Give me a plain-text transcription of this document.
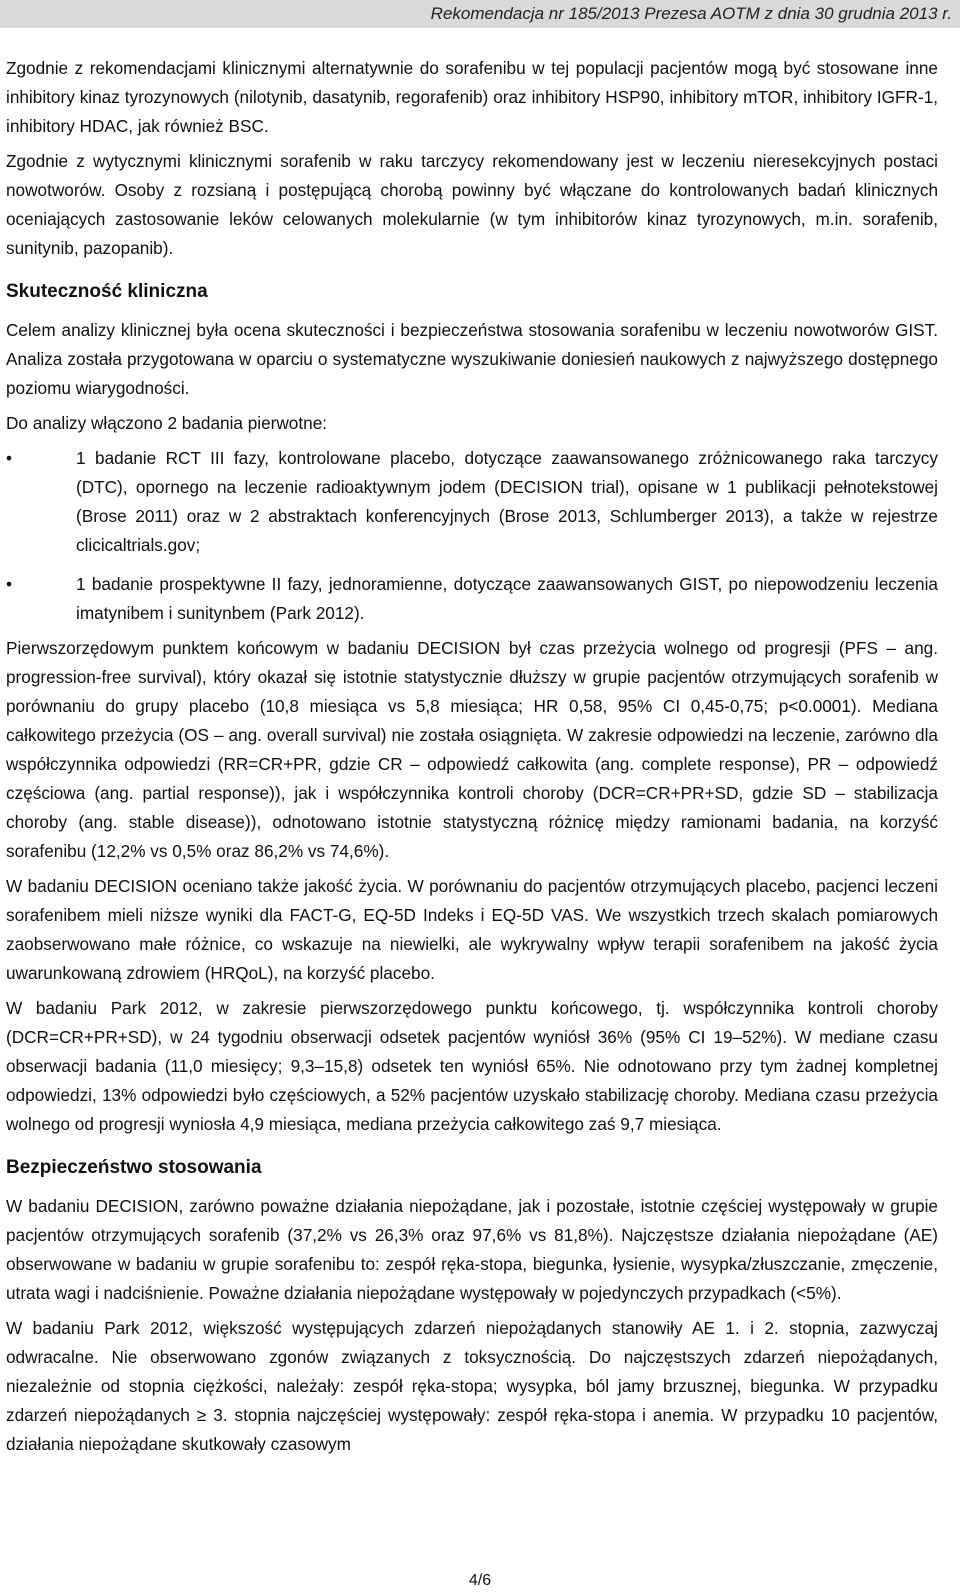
Rekomendacja nr 185/2013 Prezesa AOTM z dnia 30 grudnia 2013 r.

Zgodnie z rekomendacjami klinicznymi alternatywnie do sorafenibu w tej populacji pacjentów mogą być stosowane inne inhibitory kinaz tyrozynowych (nilotynib, dasatynib, regorafenib) oraz inhibitory HSP90, inhibitory mTOR, inhibitory IGFR-1, inhibitory HDAC, jak również BSC.

Zgodnie z wytycznymi klinicznymi sorafenib w raku tarczycy rekomendowany jest w leczeniu nieresekcyjnych postaci nowotworów. Osoby z rozsianą i postępującą chorobą powinny być włączane do kontrolowanych badań klinicznych oceniających zastosowanie leków celowanych molekularnie (w tym inhibitorów kinaz tyrozynowych, m.in. sorafenib, sunitynib, pazopanib).

Skuteczność kliniczna

Celem analizy klinicznej była ocena skuteczności i bezpieczeństwa stosowania sorafenibu w leczeniu nowotworów GIST. Analiza została przygotowana w oparciu o systematyczne wyszukiwanie doniesień naukowych z najwyższego dostępnego poziomu wiarygodności.

Do analizy włączono 2 badania pierwotne:

•	1 badanie RCT III fazy, kontrolowane placebo, dotyczące zaawansowanego zróżnicowanego raka tarczycy (DTC), opornego na leczenie radioaktywnym jodem (DECISION trial), opisane w 1 publikacji pełnotekstowej (Brose 2011) oraz w 2 abstraktach konferencyjnych (Brose 2013, Schlumberger 2013), a także w rejestrze clicicaltrials.gov;

•	1 badanie prospektywne II fazy, jednoramienne, dotyczące zaawansowanych GIST, po niepowodzeniu leczenia imatynibem i sunitynbem (Park 2012).

Pierwszorzędowym punktem końcowym w badaniu DECISION był czas przeżycia wolnego od progresji (PFS – ang. progression-free survival), który okazał się istotnie statystycznie dłuższy w grupie pacjentów otrzymujących sorafenib w porównaniu do grupy placebo (10,8 miesiąca vs 5,8 miesiąca; HR 0,58, 95% CI 0,45-0,75; p<0.0001). Mediana całkowitego przeżycia (OS – ang. overall survival) nie została osiągnięta. W zakresie odpowiedzi na leczenie, zarówno dla współczynnika odpowiedzi (RR=CR+PR, gdzie CR – odpowiedź całkowita (ang. complete response), PR – odpowiedź częściowa (ang. partial response)), jak i współczynnika kontroli choroby (DCR=CR+PR+SD, gdzie SD – stabilizacja choroby (ang. stable disease)), odnotowano istotnie statystyczną różnicę między ramionami badania, na korzyść sorafenibu (12,2% vs 0,5% oraz 86,2% vs 74,6%).

W badaniu DECISION oceniano także jakość życia. W porównaniu do pacjentów otrzymujących placebo, pacjenci leczeni sorafenibem mieli niższe wyniki dla FACT-G, EQ-5D Indeks i EQ-5D VAS. We wszystkich trzech skalach pomiarowych zaobserwowano małe różnice, co wskazuje na niewielki, ale wykrywalny wpływ terapii sorafenibem na jakość życia uwarunkowaną zdrowiem (HRQoL), na korzyść placebo.

W badaniu Park 2012, w zakresie pierwszorzędowego punktu końcowego, tj. współczynnika kontroli choroby (DCR=CR+PR+SD), w 24 tygodniu obserwacji odsetek pacjentów wyniósł 36% (95% CI 19–52%). W mediane czasu obserwacji badania (11,0 miesięcy; 9,3–15,8) odsetek ten wyniósł 65%. Nie odnotowano przy tym żadnej kompletnej odpowiedzi, 13% odpowiedzi było częściowych, a 52% pacjentów uzyskało stabilizację choroby. Mediana czasu przeżycia wolnego od progresji wyniosła 4,9 miesiąca, mediana przeżycia całkowitego zaś 9,7 miesiąca.

Bezpieczeństwo stosowania

W badaniu DECISION, zarówno poważne działania niepożądane, jak i pozostałe, istotnie częściej występowały w grupie pacjentów otrzymujących sorafenib (37,2% vs 26,3% oraz 97,6% vs 81,8%). Najczęstsze działania niepożądane (AE) obserwowane w badaniu w grupie sorafenibu to: zespół ręka-stopa, biegunka, łysienie, wysypka/złuszczanie, zmęczenie, utrata wagi i nadciśnienie. Poważne działania niepożądane występowały w pojedynczych przypadkach (<5%).

W badaniu Park 2012, większość występujących zdarzeń niepożądanych stanowiły AE 1. i 2. stopnia, zazwyczaj odwracalne. Nie obserwowano zgonów związanych z toksycznością. Do najczęstszych zdarzeń niepożądanych, niezależnie od stopnia ciężkości, należały: zespół ręka-stopa; wysypka, ból jamy brzusznej, biegunka. W przypadku zdarzeń niepożądanych ≥ 3. stopnia najczęściej występowały: zespół ręka-stopa i anemia. W przypadku 10 pacjentów, działania niepożądane skutkowały czasowym

4/6
